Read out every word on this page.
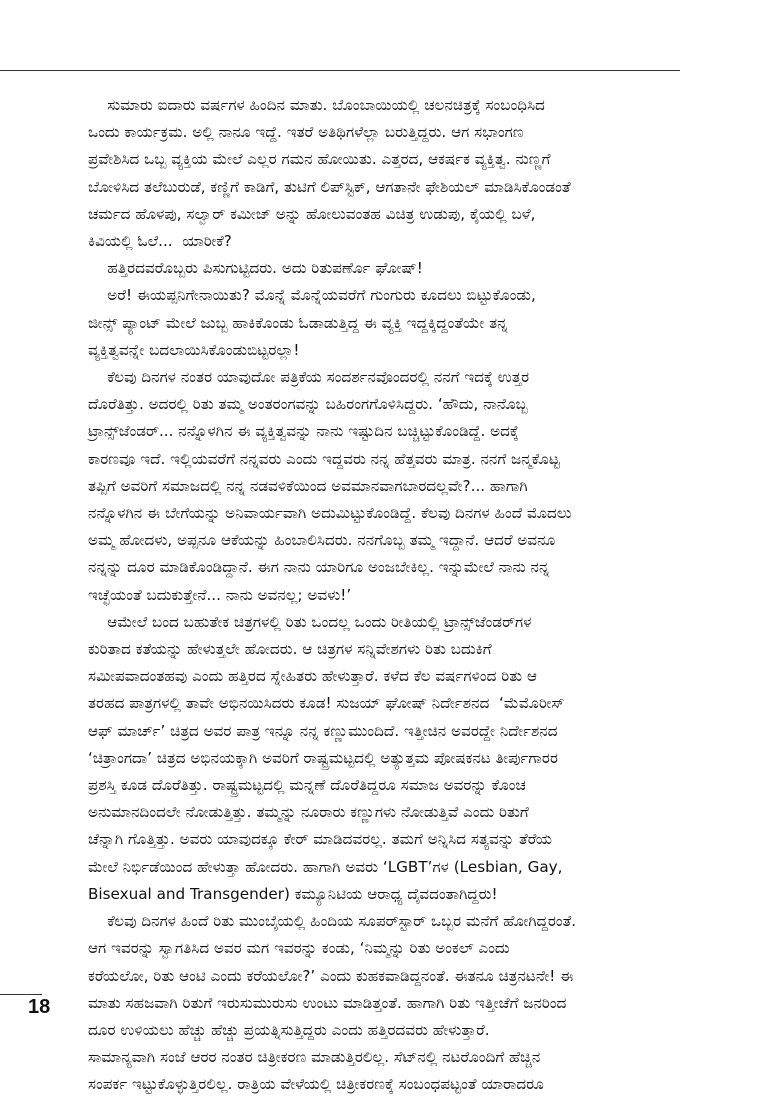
ಸುಮಾರು ಐದಾರು ವರ್ಷಗಳ ಹಿಂದಿನ ಮಾತು. ಬೊಂಬಾಯಿಯಲ್ಲಿ ಚಲನಚಿತ್ರಕ್ಕೆ ಸಂಬಂಧಿಸಿದ

ಒಂದು ಕಾರ್ಯಕ್ರಮ. ಅಲ್ಲಿ ನಾನೂ ಇದ್ದೆ. ಇತರೆ ಅತಿಥಿಗಳೆಲ್ಲಾ ಬರುತ್ತಿದ್ದರು. ಆಗ ಸಭಾಂಗಣ

ಪ್ರವೇಶಿಸಿದ ಒಬ್ಬ ವ್ಯಕ್ತಿಯ ಮೇಲೆ ಎಲ್ಲರ ಗಮನ ಹೋಯಿತು. ಎತ್ತರದ, ಆಕರ್ಷಕ ವ್ಯಕ್ತಿತ್ವ. ನುಣ್ಣಗೆ

ಬೋಳಿಸಿದ ತಲೆಬುರುಡೆ, ಕಣ್ಣಿಗೆ ಕಾಡಿಗೆ, ತುಟಿಗೆ ಲಿಪ್‌ಸ್ಟಿಕ್, ಆಗತಾನೇ ಫೇಶಿಯಲ್ ಮಾಡಿಸಿಕೊಂಡಂತೆ

ಚರ್ಮದ ಹೊಳಪು, ಸಲ್ವಾರ್ ಕಮೀಜ್ ಅನ್ನು ಹೋಲುವಂತಹ ವಿಚಿತ್ರ ಉಡುಪು, ಕೈಯಲ್ಲಿ ಬಳೆ,

ಕಿವಿಯಲ್ಲಿ ಓಲೆ...  ಯಾರೀಕೆ?

ಹತ್ತಿರದವರೊಬ್ಬರು ಪಿಸುಗುಟ್ಟಿದರು. ಅದು ರಿತುಪರ್ಣೊ ಘೋಷ್!

ಅರೆ! ಈಯಪ್ಪನಿಗೇನಾಯಿತು? ಮೊನ್ನೆ ಮೊನ್ನೆಯವರೆಗೆ ಗುಂಗುರು ಕೂದಲು ಬಿಟ್ಟುಕೊಂಡು,

ಜೀನ್ಸ್ ಪ್ಯಾಂಟ್ ಮೇಲೆ ಜುಬ್ಬ ಹಾಕಿಕೊಂಡು ಓಡಾಡುತ್ತಿದ್ದ ಈ ವ್ಯಕ್ತಿ ಇದ್ದಕ್ಕಿದ್ದಂತೆಯೇ ತನ್ನ

ವ್ಯಕ್ತಿತ್ವವನ್ನೇ ಬದಲಾಯಿಸಿಕೊಂಡುಬಿಟ್ಟರಲ್ಲಾ!

ಕೆಲವು ದಿನಗಳ ನಂತರ ಯಾವುದೋ ಪತ್ರಿಕೆಯ ಸಂದರ್ಶನವೊಂದರಲ್ಲಿ ನನಗೆ ಇದಕ್ಕೆ ಉತ್ತರ

ದೊರೆತಿತ್ತು. ಅದರಲ್ಲಿ ರಿತು ತಮ್ಮ ಅಂತರಂಗವನ್ನು ಬಹಿರಂಗಗೊಳಿಸಿದ್ದರು. ‘ಹೌದು, ನಾನೊಬ್ಬ

ಟ್ರಾನ್ಸ್‌ಜೆಂಡರ್... ನನ್ನೊಳಗಿನ ಈ ವ್ಯಕ್ತಿತ್ವವನ್ನು ನಾನು ಇಷ್ಟುದಿನ ಬಚ್ಚಿಟ್ಟುಕೊಂಡಿದ್ದೆ. ಅದಕ್ಕೆ

ಕಾರಣವೂ ಇದೆ. ಇಲ್ಲಿಯವರೆಗೆ ನನ್ನವರು ಎಂದು ಇದ್ದವರು ನನ್ನ ಹೆತ್ತವರು ಮಾತ್ರ. ನನಗೆ ಜನ್ಮಕೊಟ್ಟ

ತಪ್ಪಿಗೆ ಅವರಿಗೆ ಸಮಾಜದಲ್ಲಿ ನನ್ನ ನಡವಳಿಕೆಯಿಂದ ಅವಮಾನವಾಗಬಾರದಲ್ಲವೇ?... ಹಾಗಾಗಿ

ನನ್ನೊಳಗಿನ ಈ ಬೇಗೆಯನ್ನು ಅನಿವಾರ್ಯವಾಗಿ ಅದುಮಿಟ್ಟುಕೊಂಡಿದ್ದೆ. ಕೆಲವು ದಿನಗಳ ಹಿಂದೆ ಮೊದಲು

ಅಮ್ಮ ಹೋದಳು, ಅಪ್ಪನೂ ಆಕೆಯನ್ನು ಹಿಂಬಾಲಿಸಿದರು. ನನಗೊಬ್ಬ ತಮ್ಮ ಇದ್ದಾನೆ. ಆದರೆ ಅವನೂ

ನನ್ನನ್ನು ದೂರ ಮಾಡಿಕೊಂಡಿದ್ದಾನೆ. ಈಗ ನಾನು ಯಾರಿಗೂ ಅಂಜಬೇಕಿಲ್ಲ. ಇನ್ನುಮೇಲೆ ನಾನು ನನ್ನ

ಇಚ್ಛೆಯಂತೆ ಬದುಕುತ್ತೇನೆ... ನಾನು ಅವನಲ್ಲ; ಅವಳು!’

ಆಮೇಲೆ ಬಂದ ಬಹುತೇಕ ಚಿತ್ರಗಳಲ್ಲಿ ರಿತು ಒಂದಲ್ಲ ಒಂದು ರೀತಿಯಲ್ಲಿ ಟ್ರಾನ್ಸ್‌ಜೆಂಡರ್‌ಗಳ

ಕುರಿತಾದ ಕತೆಯನ್ನು ಹೇಳುತ್ತಲೇ ಹೋದರು. ಆ ಚಿತ್ರಗಳ ಸನ್ನಿವೇಶಗಳು ರಿತು ಬದುಕಿಗೆ

ಸಮೀಪವಾದಂತಹವು ಎಂದು ಹತ್ತಿರದ ಸ್ನೇಹಿತರು ಹೇಳುತ್ತಾರೆ. ಕಳೆದ ಕೆಲ ವರ್ಷಗಳಿಂದ ರಿತು ಆ

ತರಹದ ಪಾತ್ರಗಳಲ್ಲಿ ತಾವೇ ಅಭಿನಯಿಸಿದರು ಕೂಡ! ಸುಜಯ್ ಘೋಷ್ ನಿರ್ದೇಶನದ  ‘ಮೆಮೊರೀಸ್

ಆಫ್ ಮಾರ್ಚ್’ ಚಿತ್ರದ ಅವರ ಪಾತ್ರ ಇನ್ನೂ ನನ್ನ ಕಣ್ಣುಮುಂದಿದೆ. ಇತ್ತೀಚಿನ ಅವರದ್ದೇ ನಿರ್ದೇಶನದ

‘ಚಿತ್ರಾಂಗದಾ’ ಚಿತ್ರದ ಅಭಿನಯಕ್ಕಾಗಿ ಅವರಿಗೆ ರಾಷ್ಟ್ರಮಟ್ಟದಲ್ಲಿ ಅತ್ಯುತ್ತಮ ಪೋಷಕನಟ ತೀರ್ಪುಗಾರರ

ಪ್ರಶಸ್ತಿ ಕೂಡ ದೊರೆತಿತ್ತು. ರಾಷ್ಟ್ರಮಟ್ಟದಲ್ಲಿ ಮನ್ನಣೆ ದೊರೆತಿದ್ದರೂ ಸಮಾಜ ಅವರನ್ನು ಕೊಂಚ

ಅನುಮಾನದಿಂದಲೇ ನೋಡುತ್ತಿತ್ತು. ತಮ್ಮನ್ನು ನೂರಾರು ಕಣ್ಣುಗಳು ನೋಡುತ್ತಿವೆ ಎಂದು ರಿತುಗೆ

ಚೆನ್ನಾಗಿ ಗೊತ್ತಿತ್ತು. ಅವರು ಯಾವುದಕ್ಕೂ ಕೇರ್ ಮಾಡಿದವರಲ್ಲ. ತಮಗೆ ಅನ್ನಿಸಿದ ಸತ್ಯವನ್ನು ತೆರೆಯ

ಮೇಲೆ ನಿರ್ಭಿಡೆಯಿಂದ ಹೇಳುತ್ತಾ ಹೋದರು. ಹಾಗಾಗಿ ಅವರು ‘LGBT’ಗಳ (Lesbian, Gay,

Bisexual and Transgender) ಕಮ್ಯೂನಿಟಿಯ ಆರಾಧ್ಯ ದೈವದಂತಾಗಿದ್ದರು!

ಕೆಲವು ದಿನಗಳ ಹಿಂದೆ ರಿತು ಮುಂಬೈಯಲ್ಲಿ ಹಿಂದಿಯ ಸೂಪರ್‌ಸ್ಟಾರ್ ಒಬ್ಬರ ಮನೆಗೆ ಹೋಗಿದ್ದರಂತೆ.

ಆಗ ಇವರನ್ನು ಸ್ವಾಗತಿಸಿದ ಅವರ ಮಗ ಇವರನ್ನು ಕಂಡು, ‘ನಿಮ್ಮನ್ನು ರಿತು ಅಂಕಲ್ ಎಂದು

ಕರೆಯಲೋ, ರಿತು ಆಂಟಿ ಎಂದು ಕರೆಯಲೋ?’ ಎಂದು ಕುಹಕವಾಡಿದ್ದನಂತೆ. ಈತನೂ ಚಿತ್ರನಟನೇ! ಈ

ಮಾತು ಸಹಜವಾಗಿ ರಿತುಗೆ ಇರುಸುಮುರುಸು ಉಂಟು ಮಾಡಿತ್ತಂತೆ. ಹಾಗಾಗಿ ರಿತು ಇತ್ತೀಚೆಗೆ ಜನರಿಂದ

ದೂರ ಉಳಿಯಲು ಹೆಚ್ಚು ಹೆಚ್ಚು ಪ್ರಯತ್ನಿಸುತ್ತಿದ್ದರು ಎಂದು ಹತ್ತಿರದವರು ಹೇಳುತ್ತಾರೆ.

ಸಾಮಾನ್ಯವಾಗಿ ಸಂಜೆ ಆರರ ನಂತರ ಚಿತ್ರೀಕರಣ ಮಾಡುತ್ತಿರಲಿಲ್ಲ. ಸೆಟ್‌ನಲ್ಲಿ ನಟರೊಂದಿಗೆ ಹೆಚ್ಚಿನ

ಸಂಪರ್ಕ ಇಟ್ಟುಕೊಳ್ಳುತ್ತಿರಲಿಲ್ಲ. ರಾತ್ರಿಯ ವೇಳೆಯಲ್ಲಿ ಚಿತ್ರೀಕರಣಕ್ಕೆ ಸಂಬಂಧಪಟ್ಟಂತೆ ಯಾರಾದರೂ

18
